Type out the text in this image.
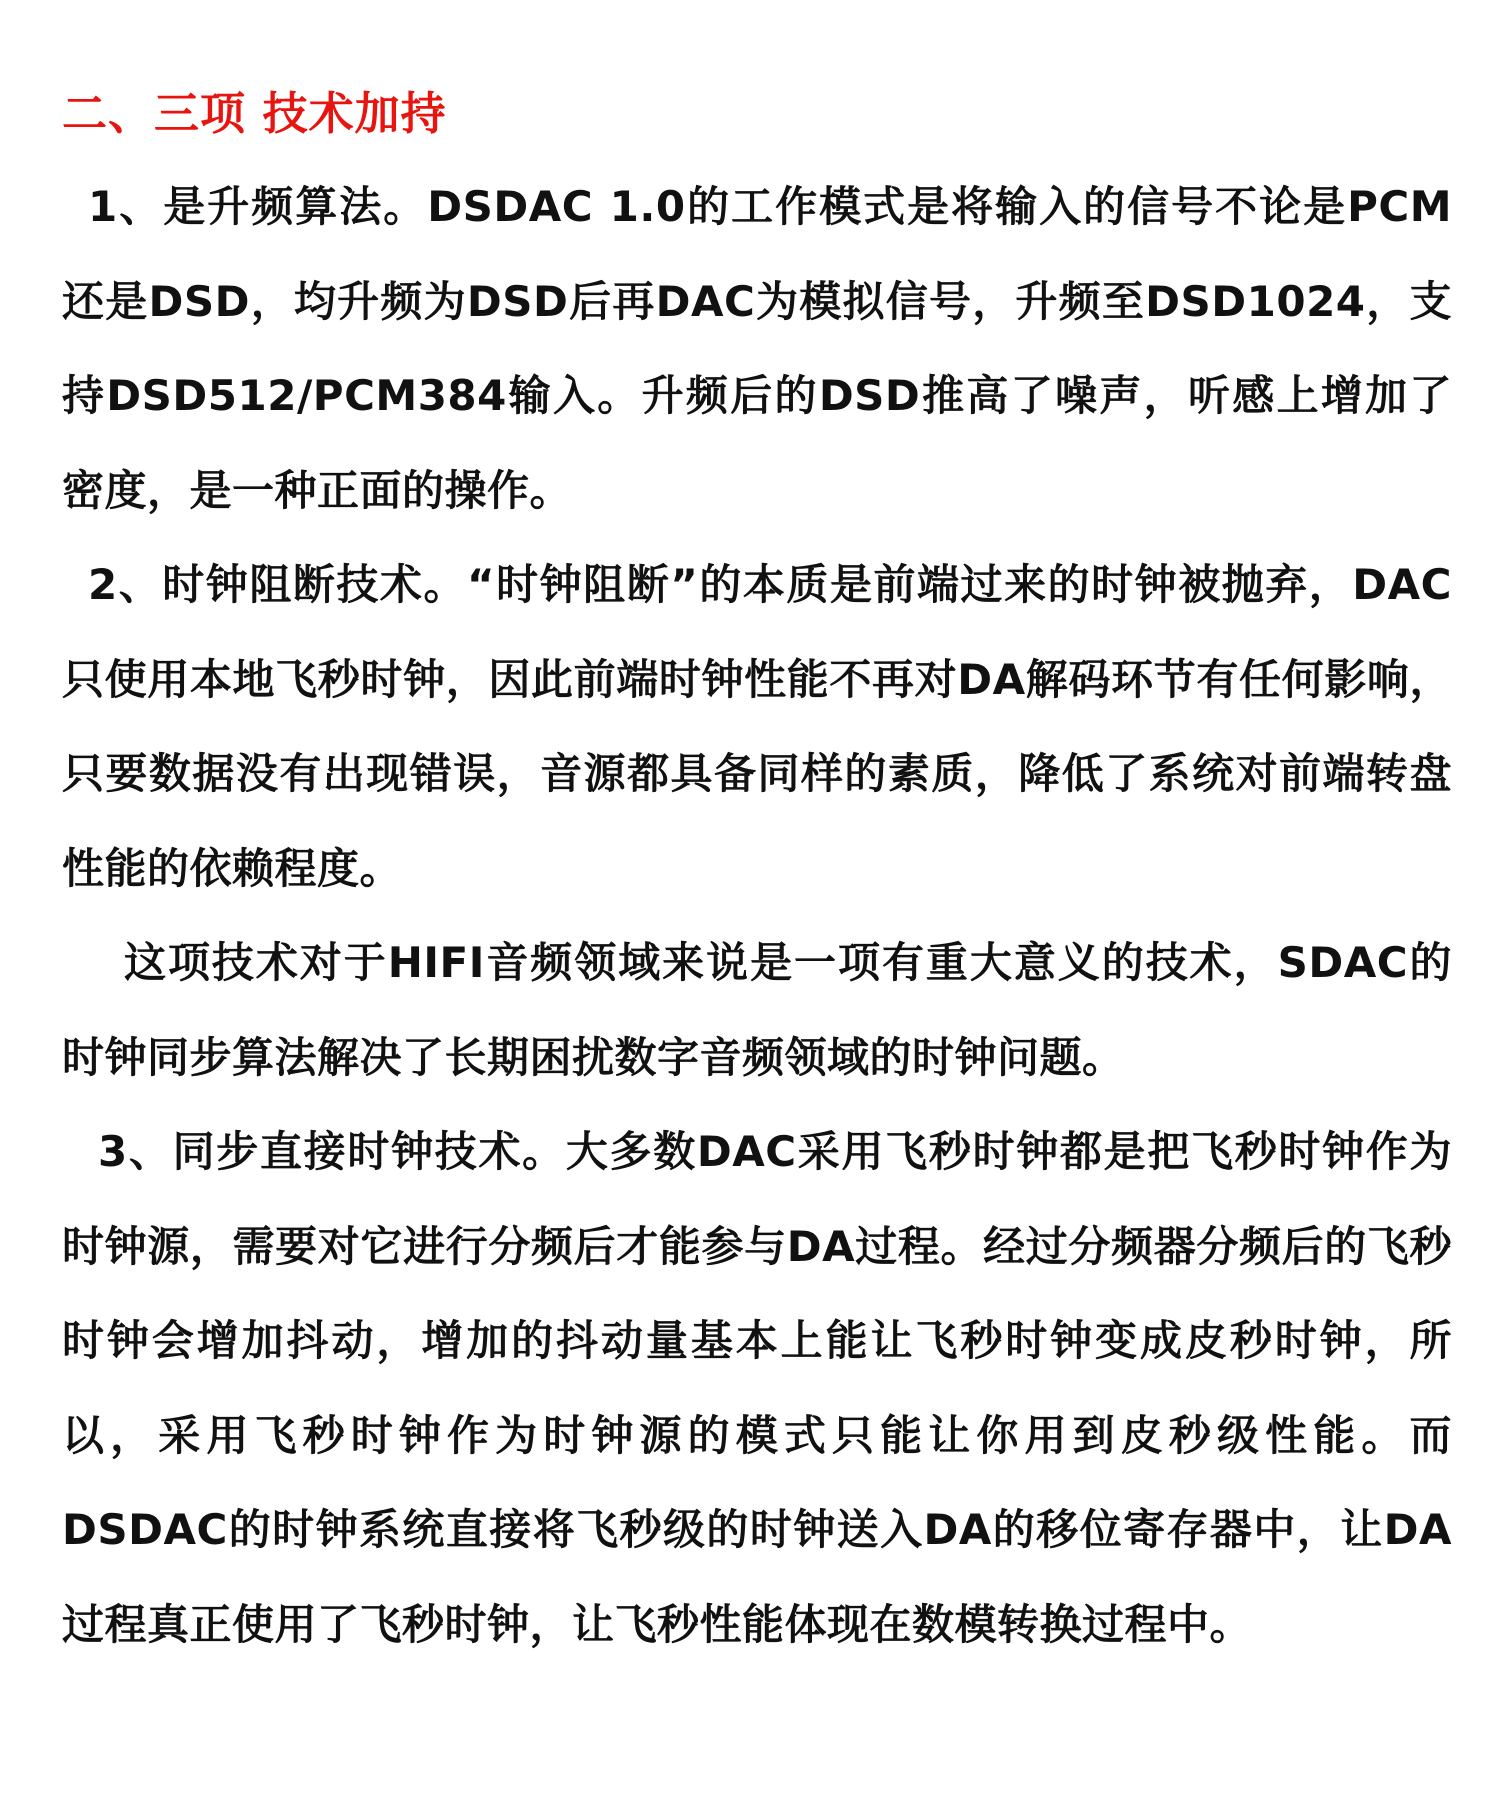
二、三项 技术加持

1、是升频算法。DSDAC 1.0的工作模式是将输入的信号不论是PCM还是DSD，均升频为DSD后再DAC为模拟信号，升频至DSD1024，支持DSD512/PCM384输入。升频后的DSD推高了噪声，听感上增加了密度，是一种正面的操作。

2、时钟阻断技术。“时钟阻断”的本质是前端过来的时钟被抛弃，DAC只使用本地飞秒时钟，因此前端时钟性能不再对DA解码环节有任何影响，只要数据没有出现错误，音源都具备同样的素质，降低了系统对前端转盘性能的依赖程度。

这项技术对于HIFI音频领域来说是一项有重大意义的技术，SDAC的时钟同步算法解决了长期困扰数字音频领域的时钟问题。

3、同步直接时钟技术。大多数DAC采用飞秒时钟都是把飞秒时钟作为时钟源，需要对它进行分频后才能参与DA过程。经过分频器分频后的飞秒时钟会增加抖动，增加的抖动量基本上能让飞秒时钟变成皮秒时钟，所以，采用飞秒时钟作为时钟源的模式只能让你用到皮秒级性能。而DSDAC的时钟系统直接将飞秒级的时钟送入DA的移位寄存器中，让DA过程真正使用了飞秒时钟，让飞秒性能体现在数模转换过程中。
